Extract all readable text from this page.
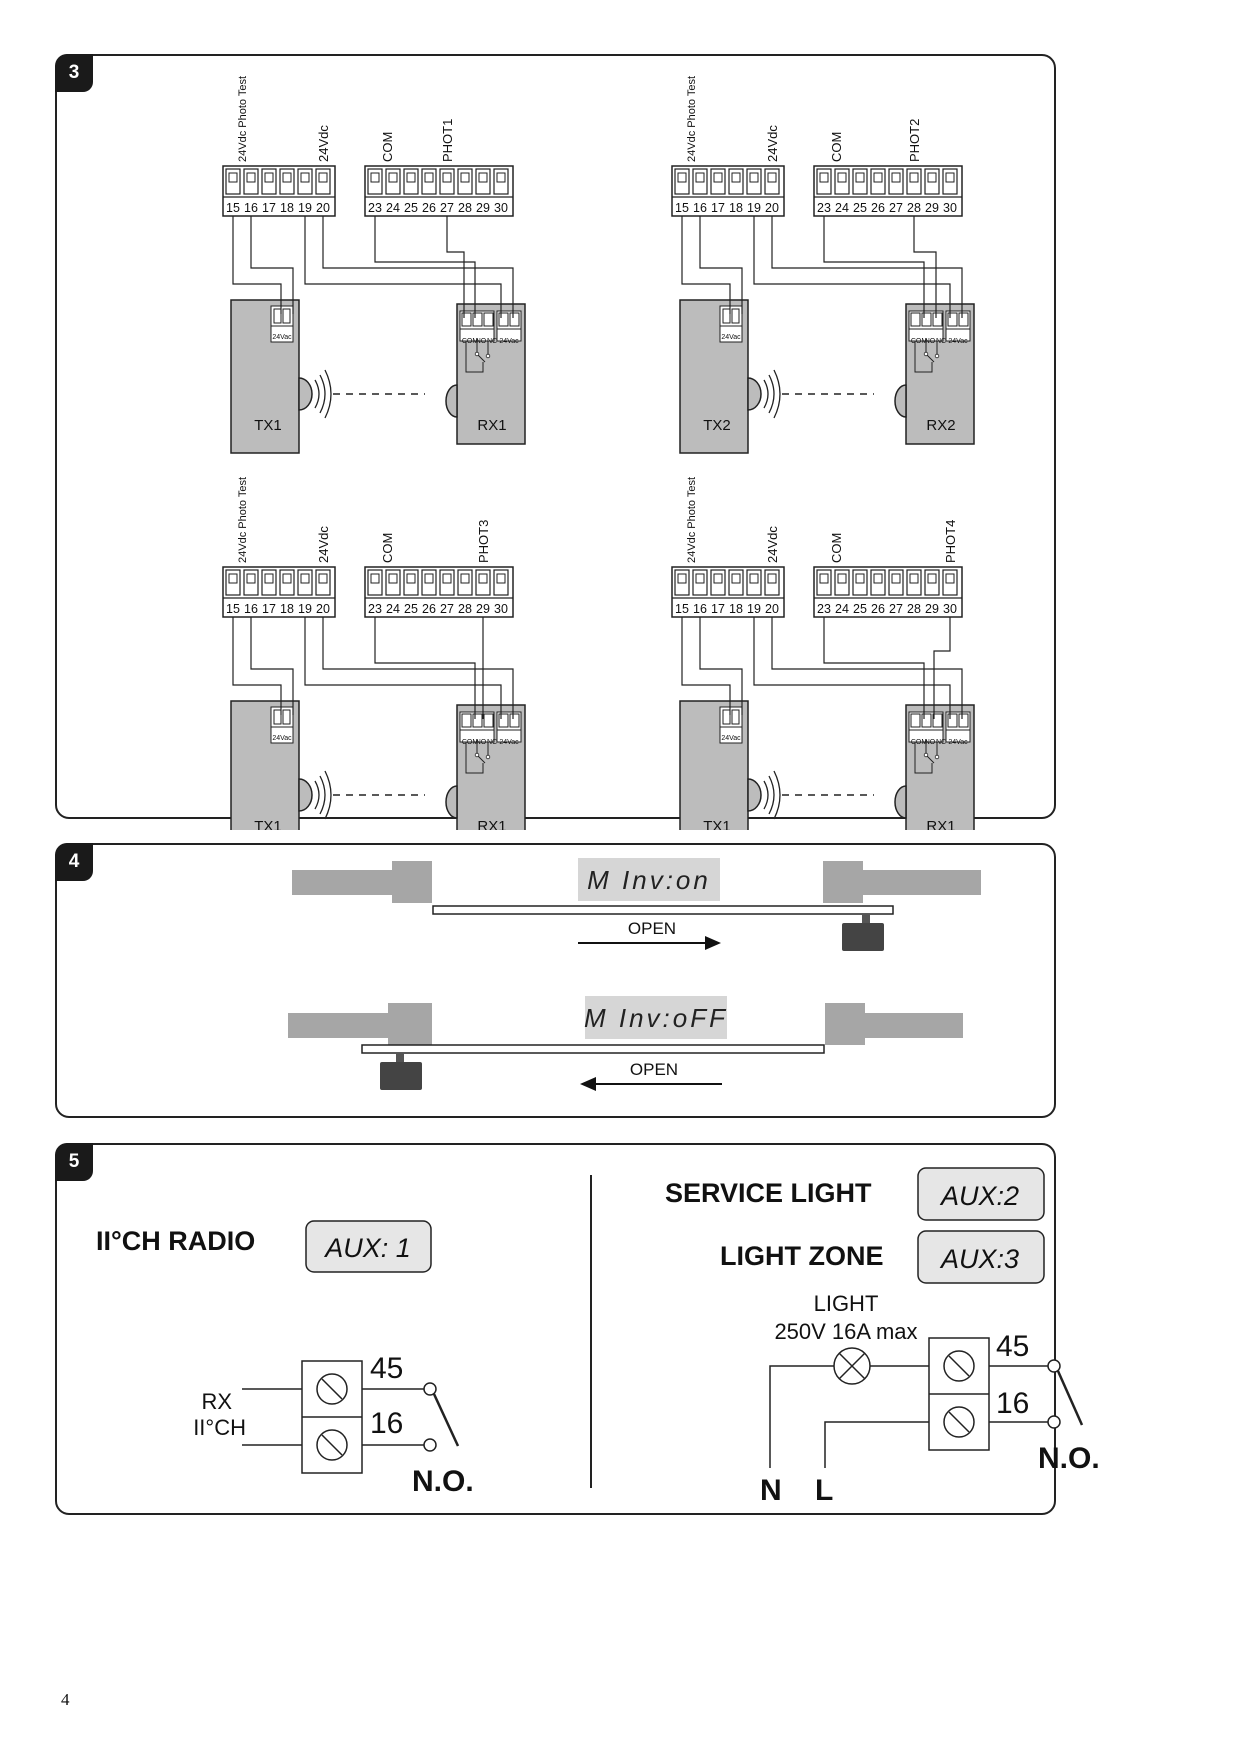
3
4
5
15 16 17 18 19 20	23 24 25 26 27 28 29 30	15 16 17 18 19 20	23 24 25 26 27 28 29 30
15 16 17 18 19 20	23 24 25 26 27 28 29 30	15 16 17 18 19 20	23 24 25 26 27 28 29 30
24Vdc Photo Test	24Vdc	COM	PHOT1	24Vdc Photo Test	24Vdc	COM	PHOT2
24Vdc Photo Test	24Vdc	COM	PHOT3	24Vdc Photo Test	24Vdc	COM	PHOT4
24Vac	24Vac
24Vac	24Vac
COM
NO NC 24Vac	COM
NO NC 24Vac
COM
NO NC 24Vac	COM
NO NC 24Vac
TX1	RX1	TX2	RX2
TX1	RX1	TX1	RX1
M Inv:on
OPEN
M Inv:oFF
OPEN
II°CH RADIO	AUX: 1
RX
II°CH
45
16
N.O.
SERVICE LIGHT	AUX:2
LIGHT ZONE AUX:3
LIGHT
250V 16A max	45
16
N.O.
N L
4
